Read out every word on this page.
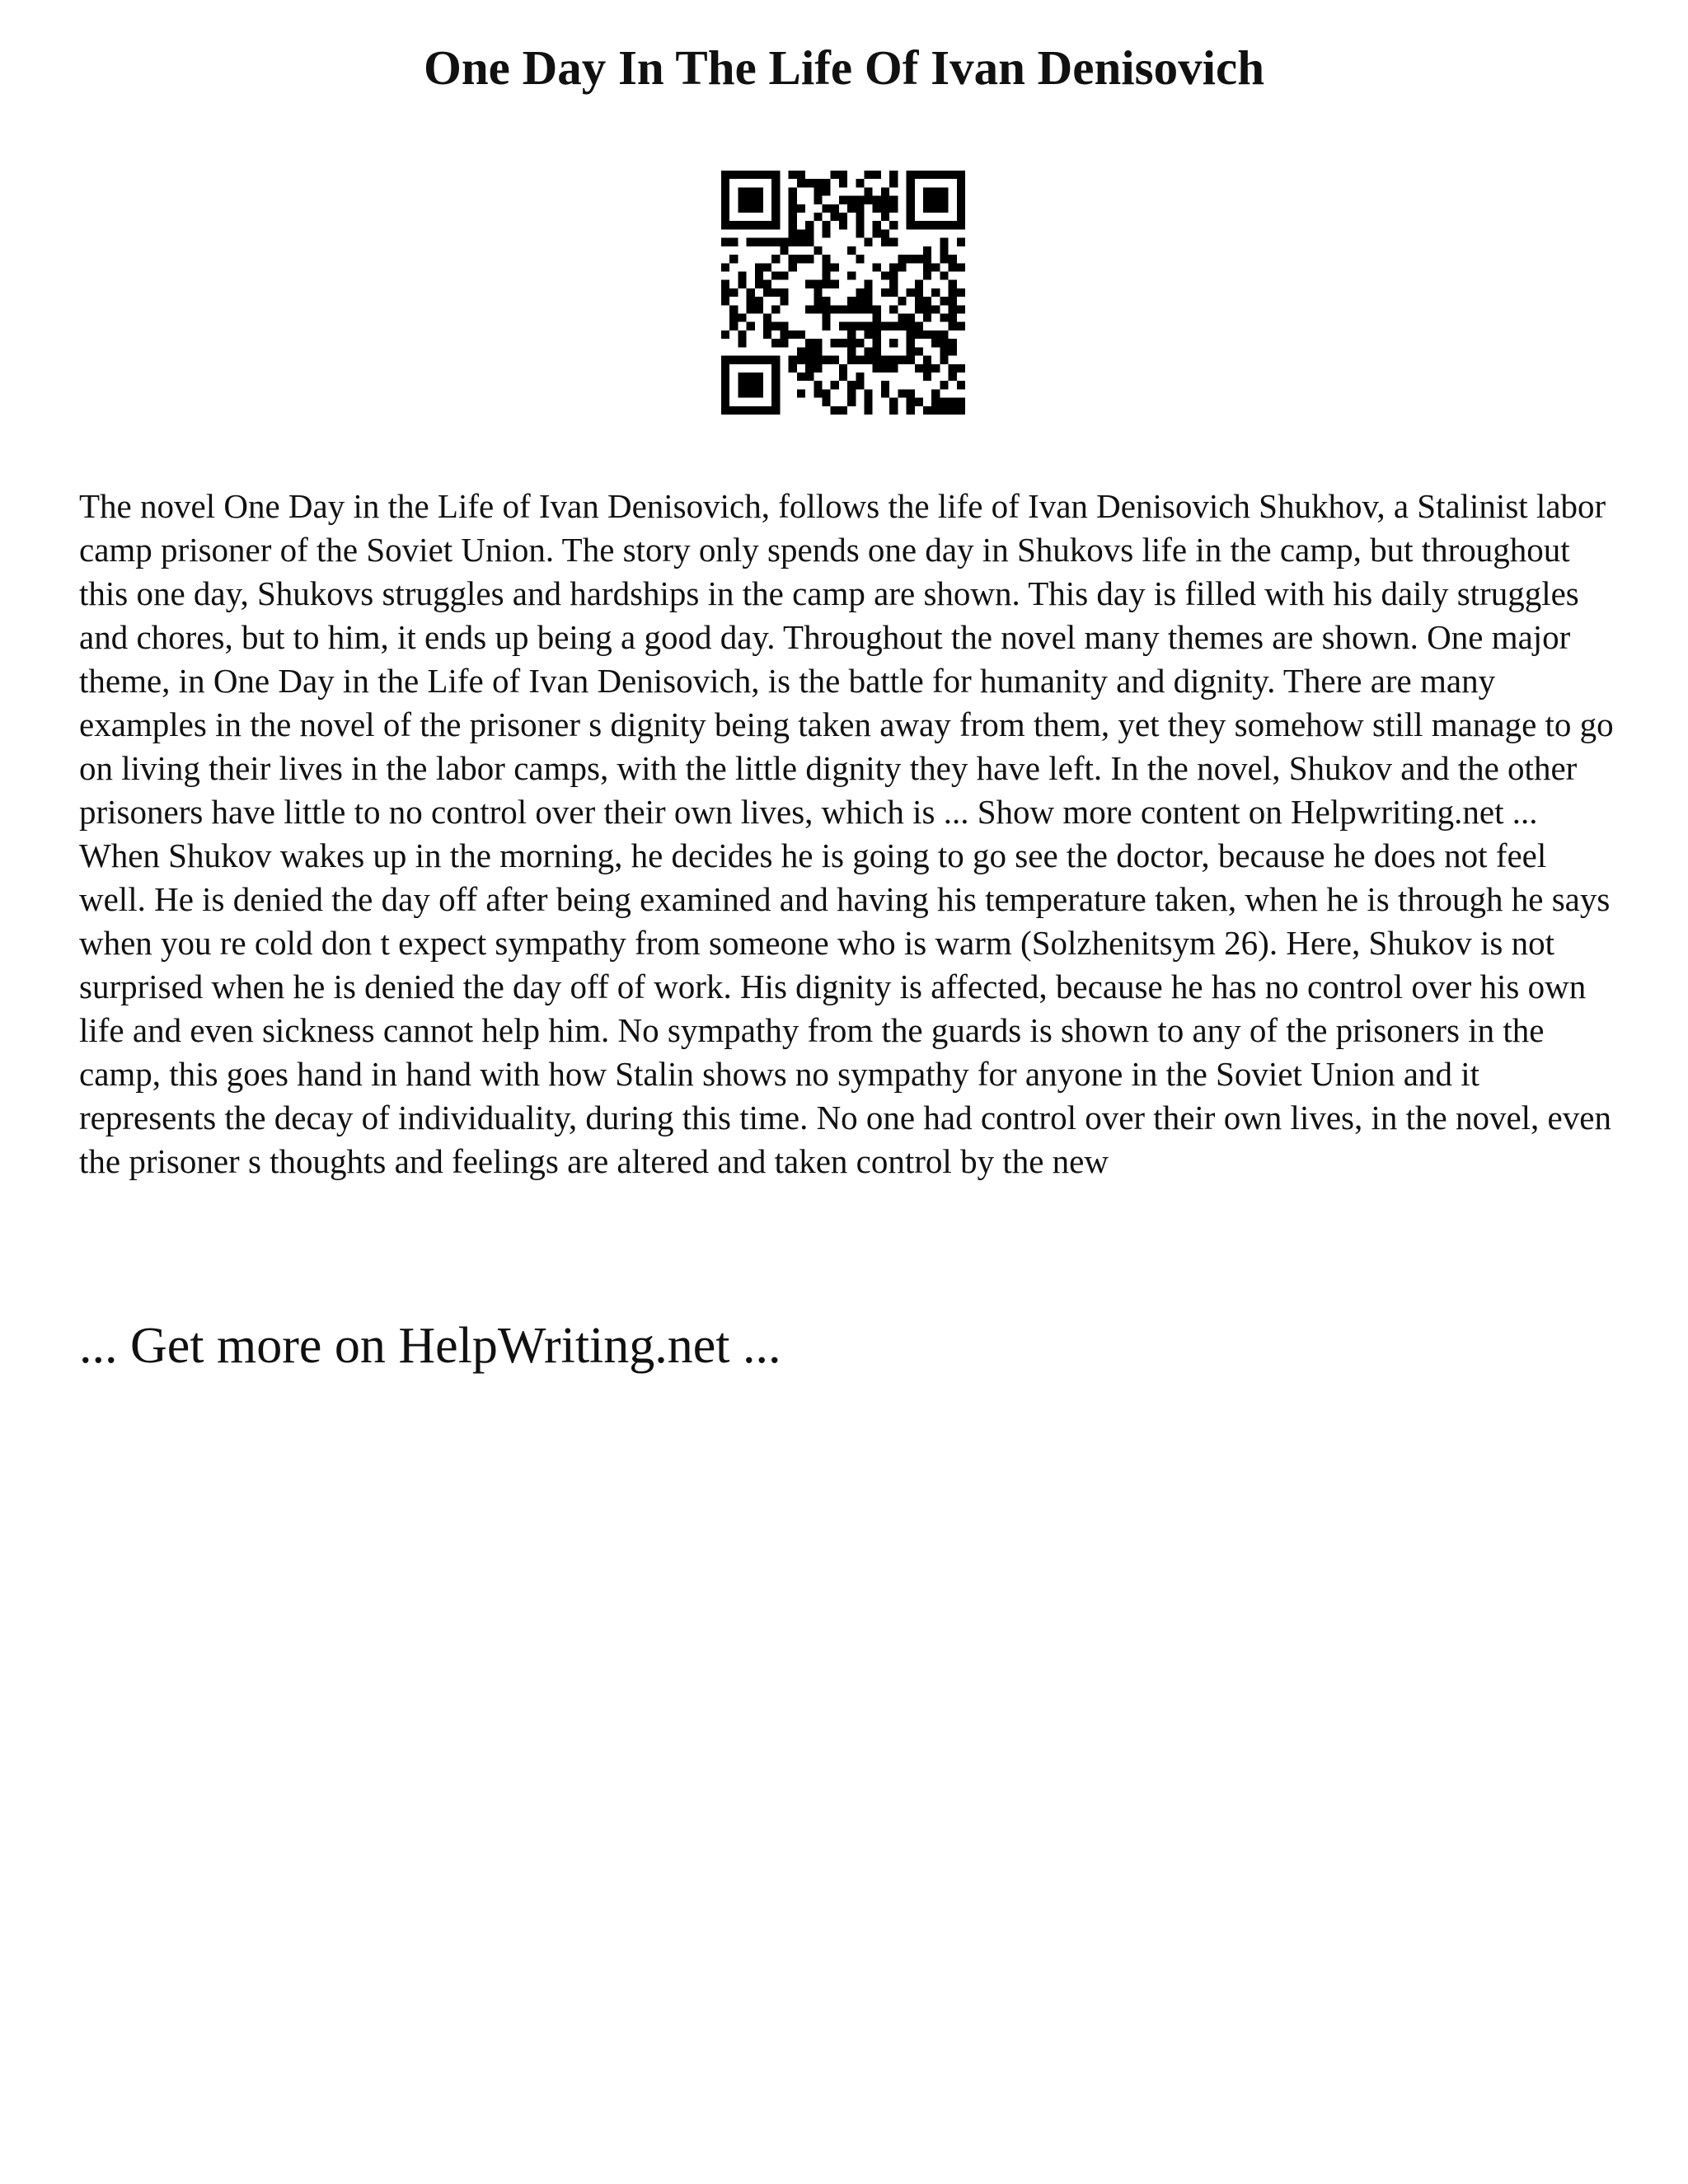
One Day In The Life Of Ivan Denisovich

The novel One Day in the Life of Ivan Denisovich, follows the life of Ivan Denisovich Shukhov, a Stalinist labor camp prisoner of the Soviet Union. The story only spends one day in Shukovs life in the camp, but throughout this one day, Shukovs struggles and hardships in the camp are shown. This day is filled with his daily struggles and chores, but to him, it ends up being a good day. Throughout the novel many themes are shown. One major theme, in One Day in the Life of Ivan Denisovich, is the battle for humanity and dignity. There are many examples in the novel of the prisoner s dignity being taken away from them, yet they somehow still manage to go on living their lives in the labor camps, with the little dignity they have left. In the novel, Shukov and the other prisoners have little to no control over their own lives, which is ... Show more content on Helpwriting.net ...

When Shukov wakes up in the morning, he decides he is going to go see the doctor, because he does not feel well. He is denied the day off after being examined and having his temperature taken, when he is through he says when you re cold don t expect sympathy from someone who is warm (Solzhenitsym 26). Here, Shukov is not surprised when he is denied the day off of work. His dignity is affected, because he has no control over his own life and even sickness cannot help him. No sympathy from the guards is shown to any of the prisoners in the camp, this goes hand in hand with how Stalin shows no sympathy for anyone in the Soviet Union and it represents the decay of individuality, during this time. No one had control over their own lives, in the novel, even the prisoner s thoughts and feelings are altered and taken control by the new

... Get more on HelpWriting.net ...
